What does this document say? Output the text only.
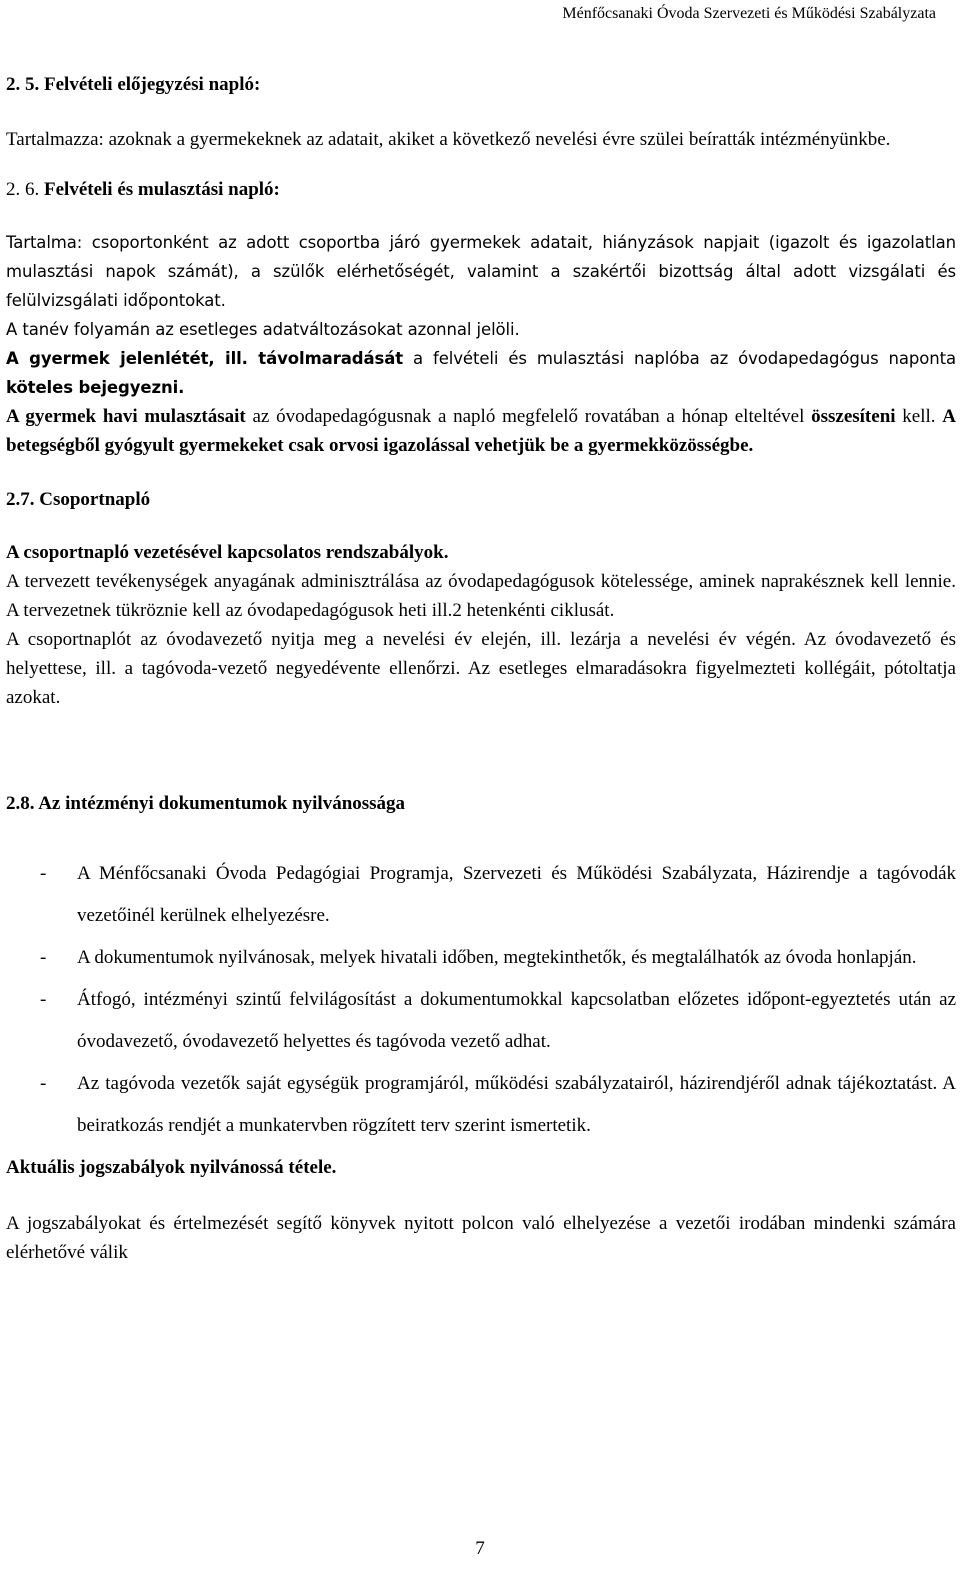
Ménfőcsanaki Óvoda Szervezeti és Működési Szabályzata

2. 5. Felvételi előjegyzési napló:

Tartalmazza: azoknak a gyermekeknek az adatait, akiket a következő nevelési évre szülei beíratták intézményünkbe.

2. 6. Felvételi és mulasztási napló:

Tartalma: csoportonként az adott csoportba járó gyermekek adatait, hiányzások napjait (igazolt és igazolatlan mulasztási napok számát), a szülők elérhetőségét, valamint a szakértői bizottság által adott vizsgálati és felülvizsgálati időpontokat.

A tanév folyamán az esetleges adatváltozásokat azonnal jelöli.

A gyermek jelenlétét, ill. távolmaradását a felvételi és mulasztási naplóba az óvodapedagógus naponta köteles bejegyezni.

A gyermek havi mulasztásait az óvodapedagógusnak a napló megfelelő rovatában a hónap elteltével összesíteni kell. A betegségből gyógyult gyermekeket csak orvosi igazolással vehetjük be a gyermekközösségbe.

2.7. Csoportnapló

A csoportnapló vezetésével kapcsolatos rendszabályok.

A tervezett tevékenységek anyagának adminisztrálása az óvodapedagógusok kötelessége, aminek naprakésznek kell lennie. A tervezetnek tükröznie kell az óvodapedagógusok heti ill.2 hetenkénti ciklusát.

A csoportnaplót az óvodavezető nyitja meg a nevelési év elején, ill. lezárja a nevelési év végén. Az óvodavezető és helyettese, ill. a tagóvoda-vezető negyedévente ellenőrzi. Az esetleges elmaradásokra figyelmezteti kollégáit, pótoltatja azokat.

2.8. Az intézményi dokumentumok nyilvánossága

- A Ménfőcsanaki Óvoda Pedagógiai Programja, Szervezeti és Működési Szabályzata, Házirendje a tagóvodák vezetőinél kerülnek elhelyezésre.
- A dokumentumok nyilvánosak, melyek hivatali időben, megtekinthetők, és megtalálhatók az óvoda honlapján.
- Átfogó, intézményi szintű felvilágosítást a dokumentumokkal kapcsolatban előzetes időpont-egyeztetés után az óvodavezető, óvodavezető helyettes és tagóvoda vezető adhat.
- Az tagóvoda vezetők saját egységük programjáról, működési szabályzatairól, házirendjéről adnak tájékoztatást. A beiratkozás rendjét a munkatervben rögzített terv szerint ismertetik.

Aktuális jogszabályok nyilvánossá tétele.

A jogszabályokat és értelmezését segítő könyvek nyitott polcon való elhelyezése a vezetői irodában mindenki számára elérhetővé válik

7
